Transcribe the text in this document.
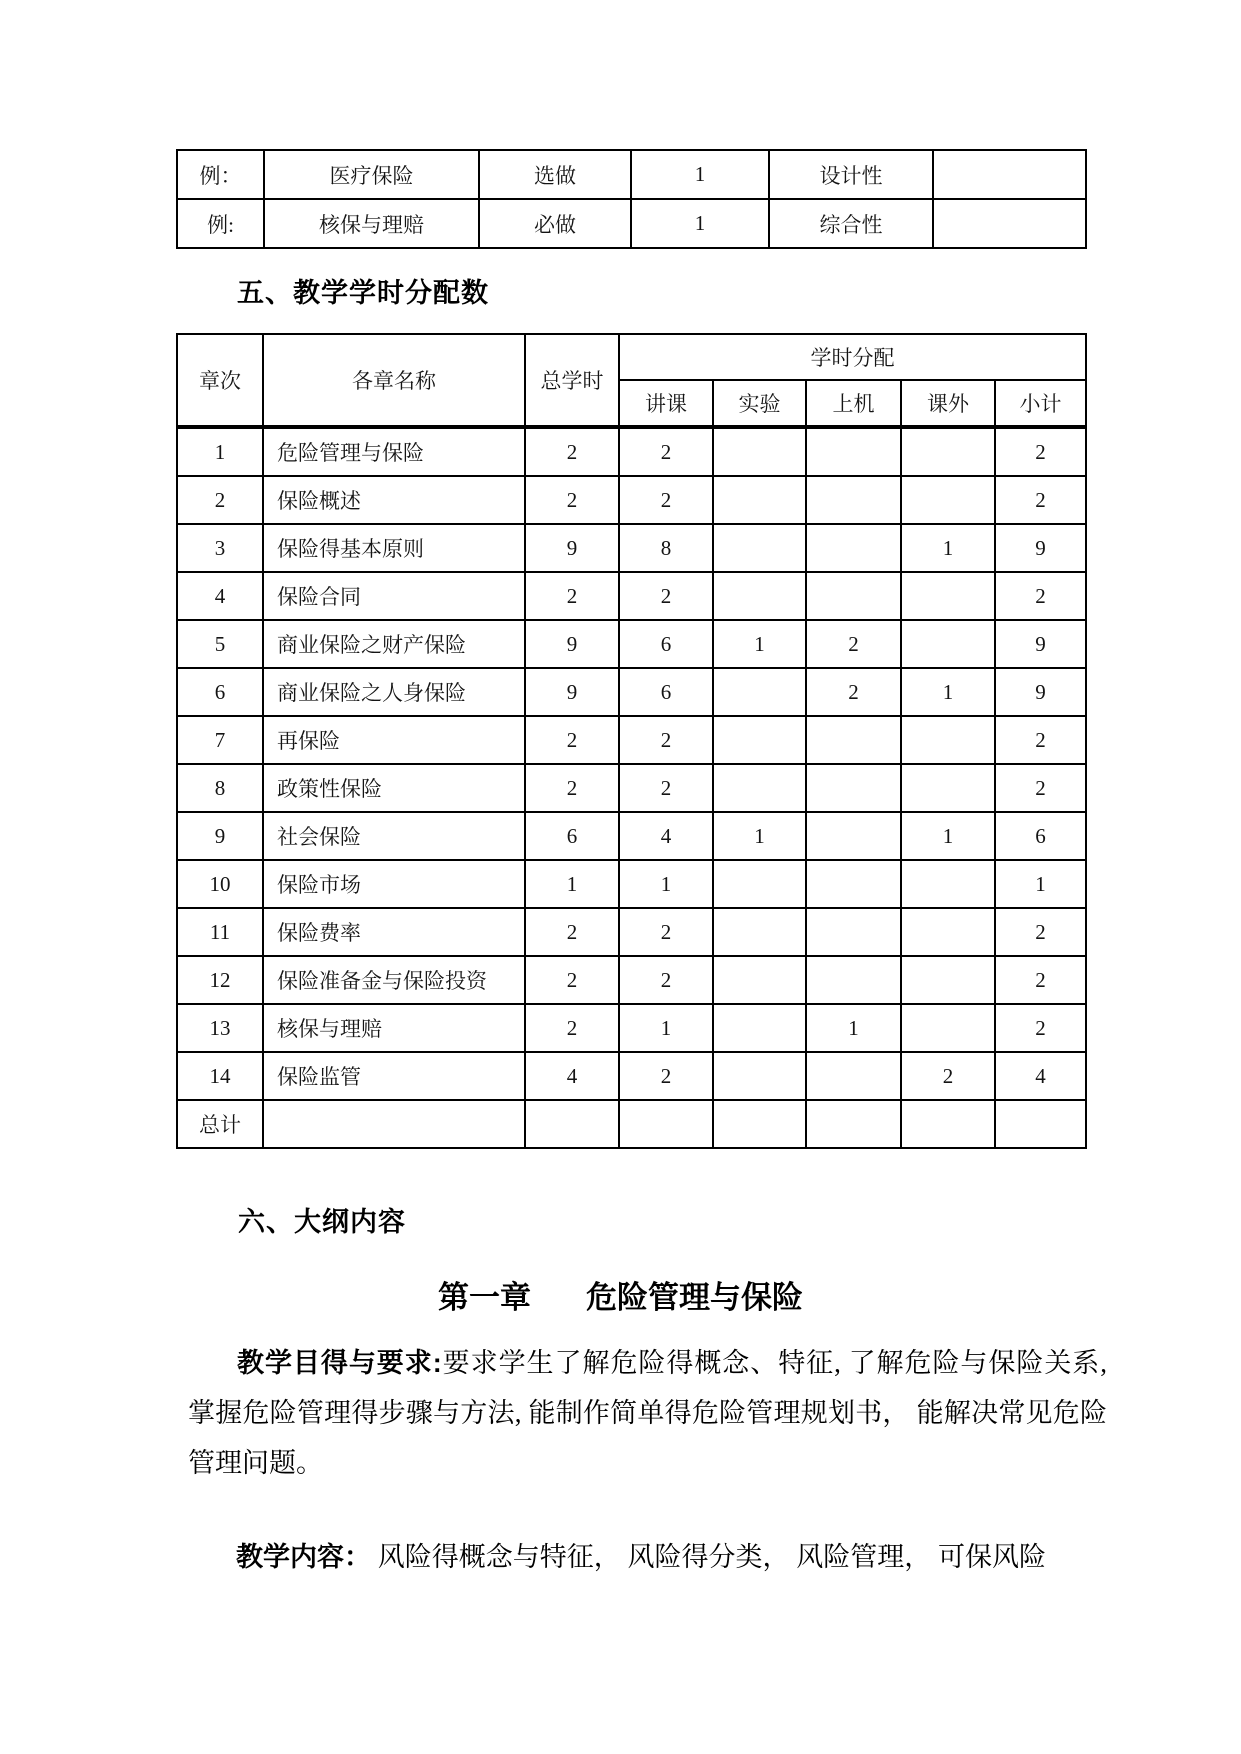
例：	医疗保险	选做	1	设计性	
例:	核保与理赔	必做	1	综合性	
五、教学学时分配数
章次	各章名称	总学时	学时分配				
			讲课	实验	上机	课外	小计
1	危险管理与保险	2	2				2
2	保险概述	2	2				2
3	保险得基本原则	9	8			1	9
4	保险合同	2	2				2
5	商业保险之财产保险	9	6	1	2		9
6	商业保险之人身保险	9	6		2	1	9
7	再保险	2	2				2
8	政策性保险	2	2				2
9	社会保险	6	4	1		1	6
10	保险市场	1	1				1
11	保险费率	2	2				2
12	保险准备金与保险投资	2	2				2
13	核保与理赔	2	1		1		2
14	保险监管	4	2			2	4
总计							
六、大纲内容
第一章 危险管理与保险

教学目得与要求:要求学生了解危险得概念、特征, 了解危险与保险关系, 掌握危险管理得步骤与方法, 能制作简单得危险管理规划书， 能解决常见危险管理问题。

教学内容： 风险得概念与特征， 风险得分类， 风险管理， 可保风险
